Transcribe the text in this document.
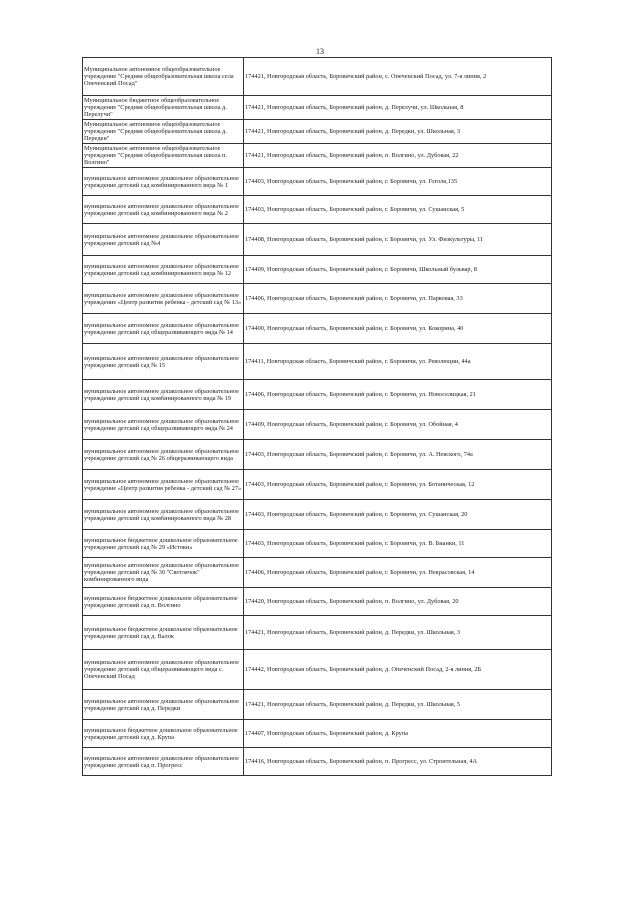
13
Муниципальное автономное общеобразовательное учреждение "Средняя общеобразовательная школа села Опеченский Посад"	174421, Новгородская область, Боровичский район, с. Опеченский Посад, ул. 7-я линия, 2
Муниципальное бюджетное общеобразовательное учреждение "Средняя общеобразовательная школа д. Перелучи"	174421, Новгородская область, Боровичский район, д. Перелучи, ул. Школьная, 8
Муниципальное автономное общеобразовательное учреждение "Средняя общеобразовательная школа д. Передки"	174421, Новгородская область, Боровичский район, д. Передки, ул. Школьная, 3
Муниципальное автономное общеобразовательное учреждение "Средняя общеобразовательная школа п. Волгино"	174421, Новгородская область, Боровичский район, п. Волгино, ул. Дубовая, 22
муниципальное автономное дошкольное образовательное учреждение детский сад комбинированного вида № 1	174403, Новгородская область, Боровичский район, г. Боровичи, ул. Гоголя,135
муниципальное автономное дошкольное образовательное учреждение детский сад комбинированного вида № 2	174403, Новгородская область, Боровичский район, г. Боровичи, ул. Сушанская, 5
муниципальное автономное дошкольное образовательное учреждение детский сад №4	174408, Новгородская область, Боровичский район, г. Боровичи, ул. Ул. Физкультуры, 11
муниципальное автономное дошкольное образовательное учреждение детский сад комбинированного вида № 12	174409, Новгородская область, Боровичский район, г. Боровичи, Школьный бульвар, 8
муниципальное автономное дошкольное образовательное учреждение «Центр развития ребенка - детский сад № 13»	174406, Новгородская область, Боровичский район, г. Боровичи, ул. Парковая, 33
муниципальное автономное дошкольное образовательное учреждение детский сад общеразвивающего вида № 14	174400, Новгородская область, Боровичский район, г. Боровичи, ул. Кокорина, 40
муниципальное автономное дошкольное образовательное учреждение детский сад № 15	174411, Новгородская область, Боровичский район, г. Боровичи, ул. Революции, 44а
муниципальное автономное дошкольное образовательное учреждение детский сад комбинированного вида № 19	174406, Новгородская область, Боровичский район, г. Боровичи, ул. Новоселицкая, 21
муниципальное автономное дошкольное образовательное учреждение детский сад общеразвивающего вида № 24	174409, Новгородская область, Боровичский район, г. Боровичи, ул. Обойная, 4
муниципальное автономное дошкольное образовательное учреждение детский сад № 26 общеразвивающего вида	174403, Новгородская область, Боровичский район, г. Боровичи, ул. А. Невского, 74а
муниципальное автономное дошкольное образовательное учреждение «Центр развития ребенка - детский сад № 27»	174403, Новгородская область, Боровичский район, г. Боровичи, ул. Ботаническая, 12
муниципальное автономное дошкольное образовательное учреждение детский сад комбинированного вида № 28	174403, Новгородская область, Боровичский район, г. Боровичи, ул. Сушанская, 20
муниципальное бюджетное дошкольное образовательное учреждение детский сад № 29 «Истоки»	174403, Новгородская область, Боровичский район, г. Боровичи, ул. В. Бианки, 11
муниципальное автономное дошкольное образовательное учреждение детский сад № 30 "Светлячок" комбинированного вида	174406, Новгородская область, Боровичский район, г. Боровичи, ул. Некрасовская, 14
муниципальное бюджетное дошкольное образовательное учреждение детский сад п. Волгино	174420, Новгородская область, Боровичский район, п. Волгино, ул. Дубовая, 20
муниципальное бюджетное дошкольное образовательное учреждение детский сад д. Валок	174421, Новгородская область, Боровичский район, д. Передки, ул. Школьная, 3
муниципальное автономное дошкольное образовательное учреждение детский сад общеразвивающего вида с. Опеченский Посад	174442, Новгородская область, Боровичский район, д. Опеченский Посад, 2-я линия, 2Б
муниципальное автономное дошкольное образовательное учреждение детский сад д. Передки	174421, Новгородская область, Боровичский район, д. Передки, ул. Школьная, 5
муниципальное бюджетное дошкольное образовательное учреждение детский сад д. Крупа	174407, Новгородская область, Боровичский район, д. Крупа
муниципальное автономное дошкольное образовательное учреждение детский сад п. Прогресс	174416, Новгородская область, Боровичский район, п. Прогресс, ул. Строительная, 4А
